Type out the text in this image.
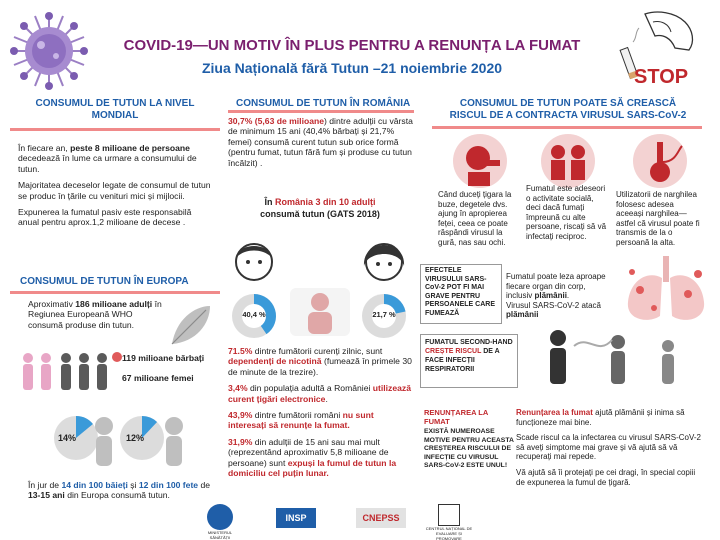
COVID-19—UN MOTIV ÎN PLUS PENTRU A RENUNȚA LA FUMAT
Ziua Națională fără Tutun –21 noiembrie 2020	STOP
CONSUMUL DE TUTUN LA NIVEL MONDIAL

În fiecare an, peste 8 milioane de persoane decedează în lume ca urmare a consumului de tutun.

Majoritatea deceselor legate de consumul de tutun se produc în țările cu venituri mici și mijlocii.

Expunerea la fumatul pasiv este responsabilă anual pentru aprox.1,2 milioane de decese .

CONSUMUL DE TUTUN ÎN EUROPA
Aproximativ 186 milioane adulți în Regiunea Europeană WHO consumă produse din tutun.
119 milioane bărbați
67 milioane femei
14%	12%
În jur de 14 din 100 băieți și 12 din 100 fete de 13-15 ani din Europa consumă tutun.
CONSUMUL DE TUTUN ÎN ROMÂNIA
30,7% (5,63 de milioane) dintre adulții cu vârsta de minimum 15 ani (40,4% bărbați și 21,7% femei) consumă curent tutun sub orice formă (pentru fumat, tutun fără fum și produse cu tutun încălzit) .
În România 3 din 10 adulți
consumă tutun (GATS 2018)
40,4 %	21,7 %

71.5% dintre fumătorii curenți zilnic, sunt dependenți de nicotină (fumează în primele 30 de minute de la trezire).

3,4% din populația adultă a României utilizează curent țigări electronice.

43,9% dintre fumătorii români nu sunt interesați să renunțe la fumat.

31,9% din adulții de 15 ani sau mai mult (reprezentând aproximativ 5,8 milioane de persoane) sunt expuși la fumul de tutun la domiciliu cel puțin lunar.

CONSUMUL DE TUTUN POATE SĂ CREASCĂ
RISCUL DE A CONTRACTA VIRUSUL SARS-CoV-2
Când duceți țigara la buze, degetele dvs. ajung în apropierea feței, ceea ce poate răspândi virusul la gură, nas sau ochi.
Fumatul este adeseori o activitate socială, deci dacă fumați împreună cu alte persoane, riscați să vă infectați reciproc.
Utilizatorii de narghilea folosesc adesea aceeași narghilea—astfel că virusul poate fi transmis de la o persoană la alta.
EFECTELE VIRUSULUI SARS-CoV-2 POT FI MAI GRAVE PENTRU PERSOANELE CARE FUMEAZĂ
Fumatul poate leza aproape fiecare organ din corp, inclusiv plămânii.
Virusul SARS-CoV-2 atacă plămânii
FUMATUL SECOND-HAND CREȘTE RISCUL DE A FACE INFECȚII RESPIRATORII
RENUNȚAREA LA FUMAT
EXISTĂ NUMEROASE MOTIVE PENTRU ACEASTA CREȘTEREA RISCULUI DE INFECȚIE CU VIRUSUL SARS-CoV-2 ESTE UNUL!

Renunțarea la fumat ajută plămânii și inima să funcționeze mai bine.

Scade riscul ca la infectarea cu virusul SARS-CoV-2 să aveți simptome mai grave și vă ajută să vă recuperați mai repede.

Vă ajută să îi protejați pe cei dragi, în special copiii de expunerea la fumul de țigară.

MINISTERUL SĂNĂTĂȚII
INSP	CNEPSS
CENTRUL NAȚIONAL DE EVALUARE ȘI PROMOVARE
